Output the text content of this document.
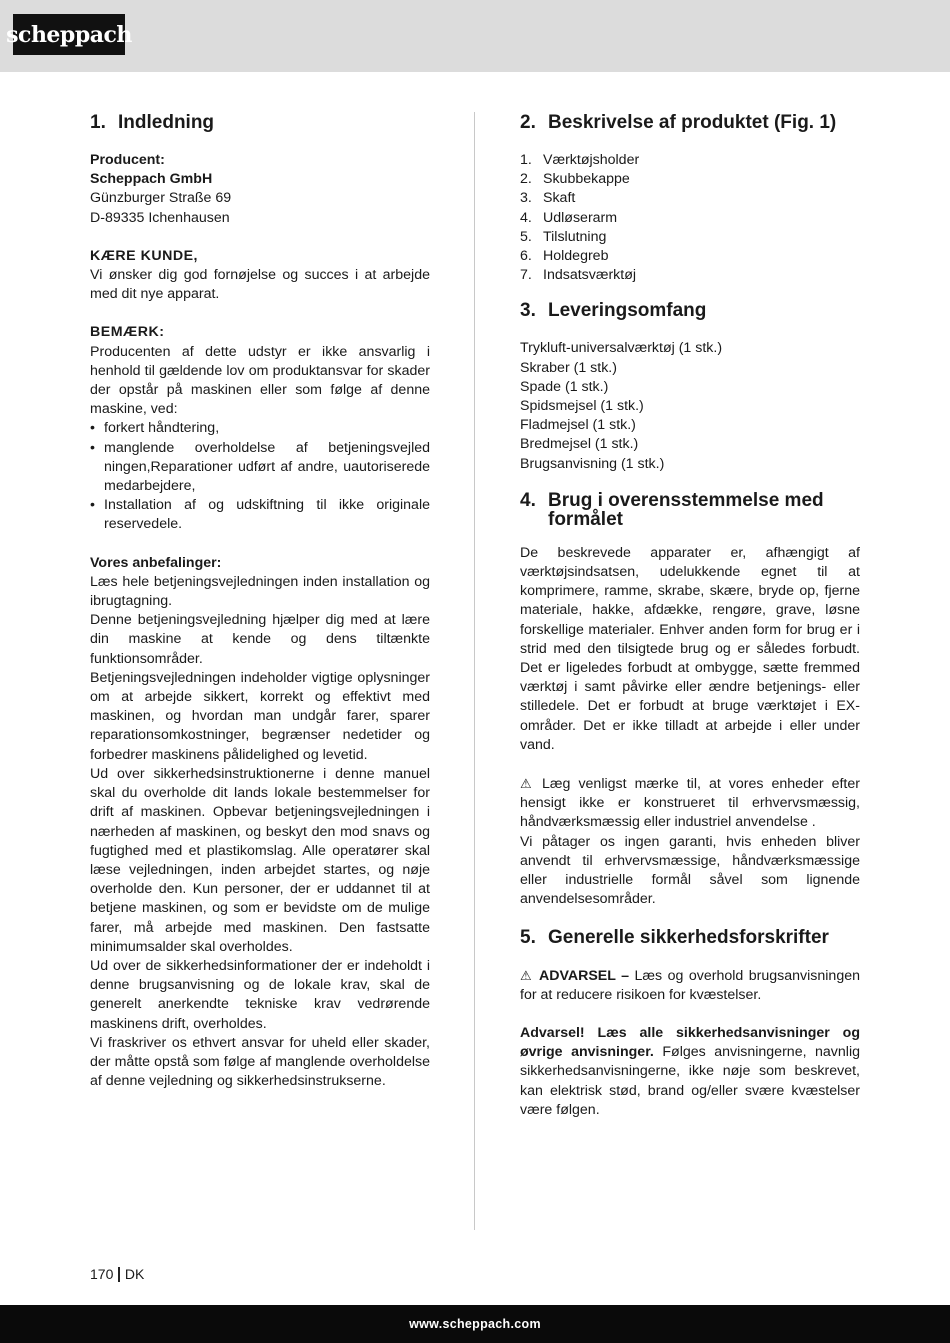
scheppach
1. Indledning

Producent:

Scheppach GmbH

Günzburger Straße 69

D-89335 Ichenhausen

KÆRE KUNDE,

Vi ønsker dig god fornøjelse og succes i at arbejde med dit nye apparat.

BEMÆRK:

Producenten af dette udstyr er ikke ansvarlig i henhold til gældende lov om produktansvar for skader der opstår på maskinen eller som følge af denne maskine, ved:

• forkert håndtering,
• manglende overholdelse af betjeningsvejled ningen,Reparationer udført af andre, uautoriserede medarbejdere,
• Installation af og udskiftning til ikke originale reservedele.

Vores anbefalinger:

Læs hele betjeningsvejledningen inden installation og ibrugtagning.

Denne betjeningsvejledning hjælper dig med at lære din maskine at kende og dens tiltænkte funktionsområder.

Betjeningsvejledningen indeholder vigtige oplysninger om at arbejde sikkert, korrekt og effektivt med maskinen, og hvordan man undgår farer, sparer reparationsomkostninger, begrænser nedetider og forbedrer maskinens pålidelighed og levetid.

Ud over sikkerhedsinstruktionerne i denne manuel skal du overholde dit lands lokale bestemmelser for drift af maskinen. Opbevar betjeningsvejledningen i nærheden af maskinen, og beskyt den mod snavs og fugtighed med et plastikomslag. Alle operatører skal læse vejledningen, inden arbejdet startes, og nøje overholde den. Kun personer, der er uddannet til at betjene maskinen, og som er bevidste om de mulige farer, må arbejde med maskinen. Den fastsatte minimumsalder skal overholdes.

Ud over de sikkerhedsinformationer der er indeholdt i denne brugsanvisning og de lokale krav, skal de generelt anerkendte tekniske krav vedrørende maskinens drift, overholdes.

Vi fraskriver os ethvert ansvar for uheld eller skader, der måtte opstå som følge af manglende overholdelse af denne vejledning og sikkerhedsinstrukserne.

2. Beskrivelse af produktet (Fig. 1)
1. Værktøjsholder
2. Skubbekappe
3. Skaft
4. Udløserarm
5. Tilslutning
6. Holdegreb
7. Indsatsværktøj
3. Leveringsomfang

Trykluft-universalværktøj (1 stk.)

Skraber (1 stk.)

Spade (1 stk.)

Spidsmejsel (1 stk.)

Fladmejsel (1 stk.)

Bredmejsel (1 stk.)

Brugsanvisning (1 stk.)

4. Brug i overensstemmelse med formålet

De beskrevede apparater er, afhængigt af værktøjsindsatsen, udelukkende egnet til at komprimere, ramme, skrabe, skære, bryde op, fjerne materiale, hakke, afdække, rengøre, grave, løsne forskellige materialer. Enhver anden form for brug er i strid med den tilsigtede brug og er således forbudt. Det er ligeledes forbudt at ombygge, sætte fremmed værktøj i samt påvirke eller ændre betjenings- eller stilledele. Det er forbudt at bruge værktøjet i EX-områder. Det er ikke tilladt at arbejde i eller under vand.

⚠ Læg venligst mærke til, at vores enheder efter hensigt ikke er konstrueret til erhvervsmæssig, håndværksmæssig eller industriel anvendelse .

Vi påtager os ingen garanti, hvis enheden bliver anvendt til erhvervsmæssige, håndværksmæssige eller industrielle formål såvel som lignende anvendelsesområder.

5. Generelle sikkerhedsforskrifter

⚠ ADVARSEL – Læs og overhold brugsanvisningen for at reducere risikoen for kvæstelser.

Advarsel! Læs alle sikkerhedsanvisninger og øvrige anvisninger. Følges anvisningerne, navnlig sikkerhedsanvisningerne, ikke nøje som beskrevet, kan elektrisk stød, brand og/eller svære kvæstelser være følgen.

170 DK
www.scheppach.com
